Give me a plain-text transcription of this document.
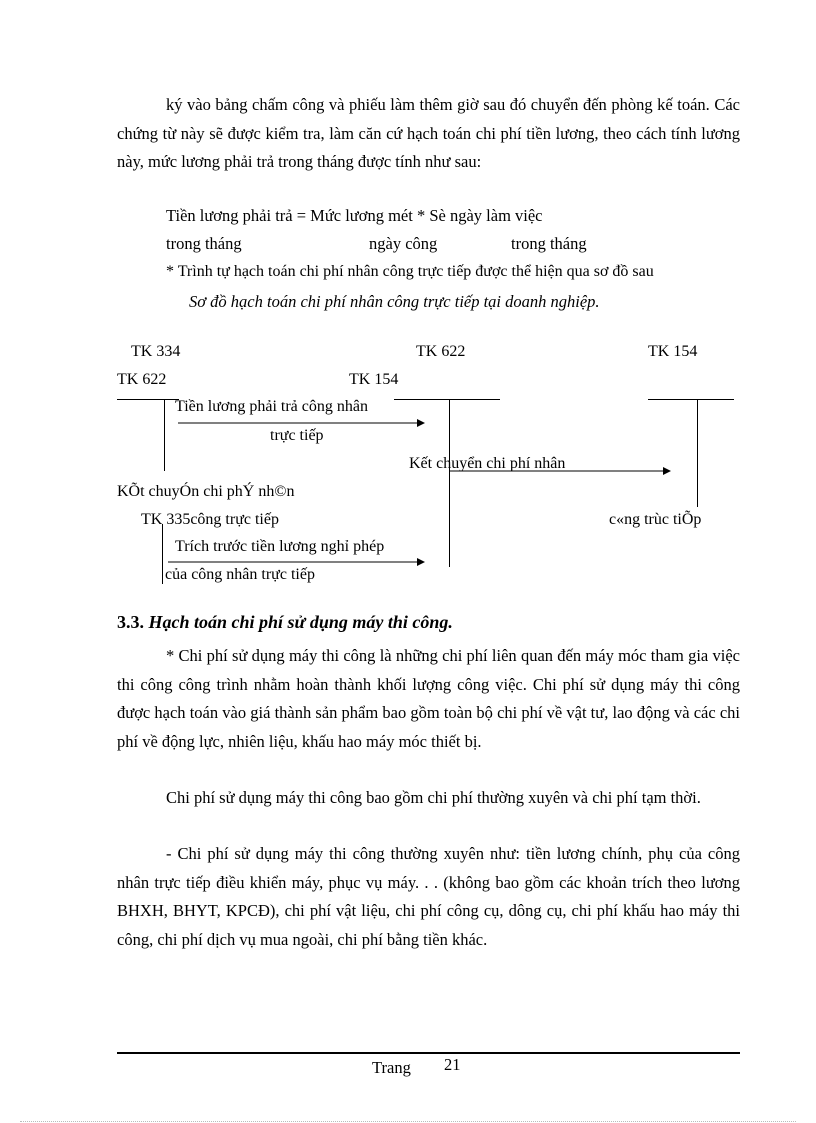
ký vào bảng chấm công và phiếu làm thêm giờ sau đó chuyển đến phòng kế toán. Các chứng từ này sẽ được kiểm tra, làm căn cứ hạch toán chi phí tiền lương, theo cách tính lương này, mức lương phải trả trong tháng được tính như sau:
Tiền lương phải trả = Mức lương mét * Sè ngày làm việc
trong tháng	ngày công	trong tháng
* Trình tự hạch toán chi phí nhân công trực tiếp được thể hiện qua sơ đồ sau
Sơ đồ hạch toán chi phí nhân công trực tiếp tại doanh nghiệp.
TK 334	TK 622	TK 154
TK 622	TK 154
Tiền lương phải trả công nhân
trực tiếp
Kết chuyển chi phí nhân
KÕt chuyÓn chi phÝ nh©n
TK 335công trực tiếp	c«ng trùc tiÕp
Trích trước tiền lương nghỉ phép
của công nhân trực tiếp
3.3. Hạch toán chi phí sử dụng máy thi công.
* Chi phí sử dụng máy thi công là những chi phí liên quan đến máy móc tham gia việc thi công công trình nhằm hoàn thành khối lượng công việc. Chi phí sử dụng máy thi công được hạch toán vào giá thành sản phẩm bao gồm toàn bộ chi phí về vật tư, lao động và các chi phí về động lực, nhiên liệu, khấu hao máy móc thiết bị.
Chi phí sử dụng máy thi công bao gồm chi phí thường xuyên và chi phí tạm thời.
- Chi phí sử dụng máy thi công thường xuyên như: tiền lương chính, phụ của công nhân trực tiếp điều khiển máy, phục vụ máy. . . (không bao gồm các khoản trích theo lương BHXH, BHYT, KPCĐ), chi phí vật liệu, chi phí công cụ, dông cụ, chi phí khấu hao máy thi công, chi phí dịch vụ mua ngoài, chi phí bằng tiền khác.
Trang 21
